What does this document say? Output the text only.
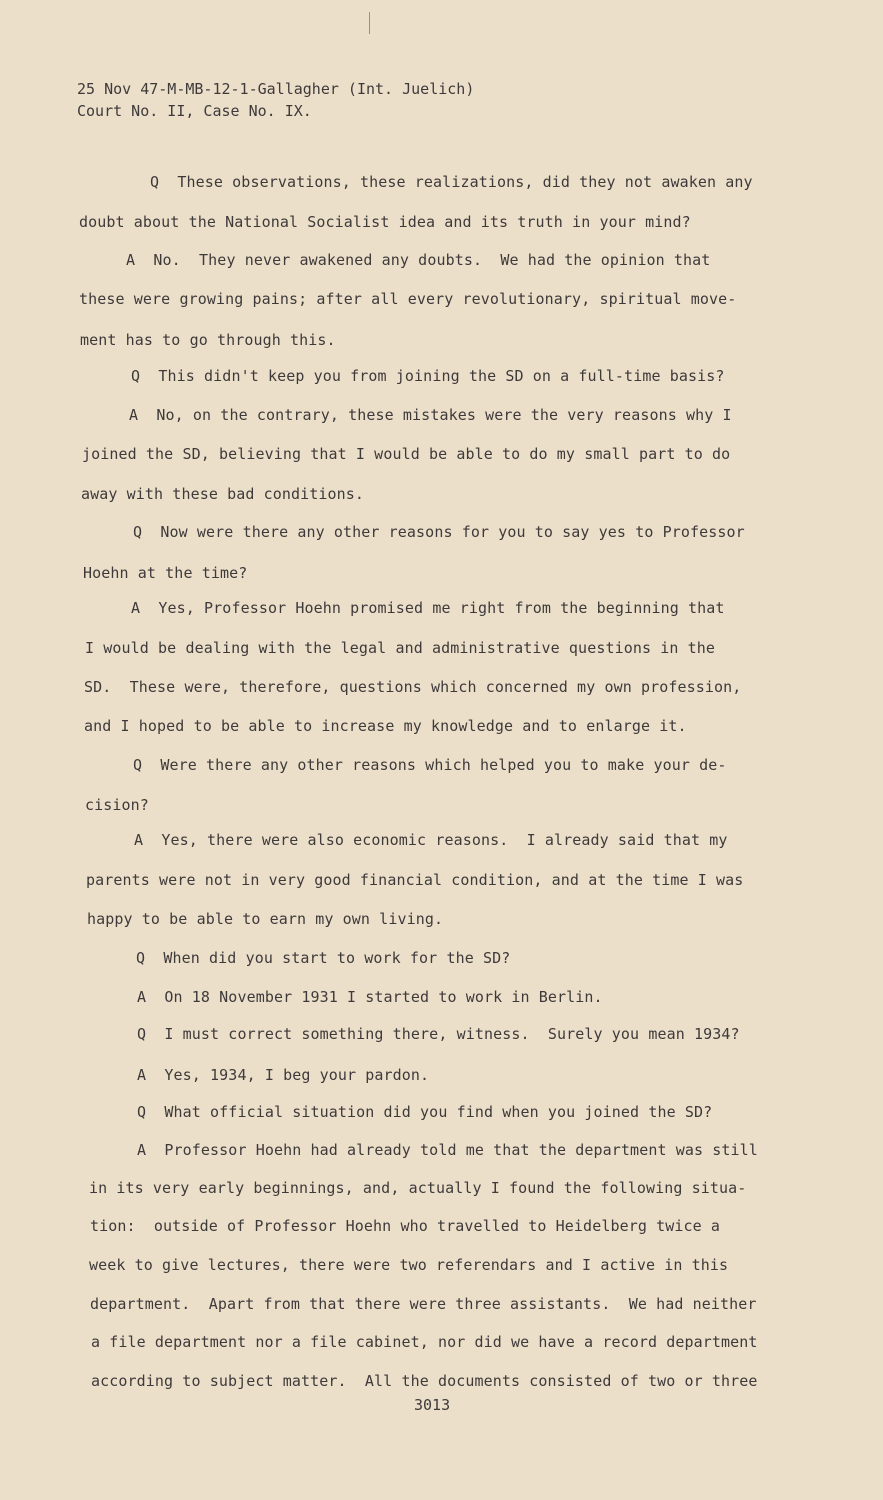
25 Nov 47-M-MB-12-1-Gallagher (Int. Juelich)
Court No. II, Case No. IX.
Q  These observations, these realizations, did they not awaken any
doubt about the National Socialist idea and its truth in your mind?
A  No.  They never awakened any doubts.  We had the opinion that
these were growing pains; after all every revolutionary, spiritual move-
ment has to go through this.
Q  This didn't keep you from joining the SD on a full-time basis?
A  No, on the contrary, these mistakes were the very reasons why I
joined the SD, believing that I would be able to do my small part to do
away with these bad conditions.
Q  Now were there any other reasons for you to say yes to Professor
Hoehn at the time?
A  Yes, Professor Hoehn promised me right from the beginning that
I would be dealing with the legal and administrative questions in the
SD.  These were, therefore, questions which concerned my own profession,
and I hoped to be able to increase my knowledge and to enlarge it.
Q  Were there any other reasons which helped you to make your de-
cision?
A  Yes, there were also economic reasons.  I already said that my
parents were not in very good financial condition, and at the time I was
happy to be able to earn my own living.
Q  When did you start to work for the SD?
A  On 18 November 1931 I started to work in Berlin.
Q  I must correct something there, witness.  Surely you mean 1934?
A  Yes, 1934, I beg your pardon.
Q  What official situation did you find when you joined the SD?
A  Professor Hoehn had already told me that the department was still
in its very early beginnings, and, actually I found the following situa-
tion:  outside of Professor Hoehn who travelled to Heidelberg twice a
week to give lectures, there were two referendars and I active in this
department.  Apart from that there were three assistants.  We had neither
a file department nor a file cabinet, nor did we have a record department
according to subject matter.  All the documents consisted of two or three
3013
